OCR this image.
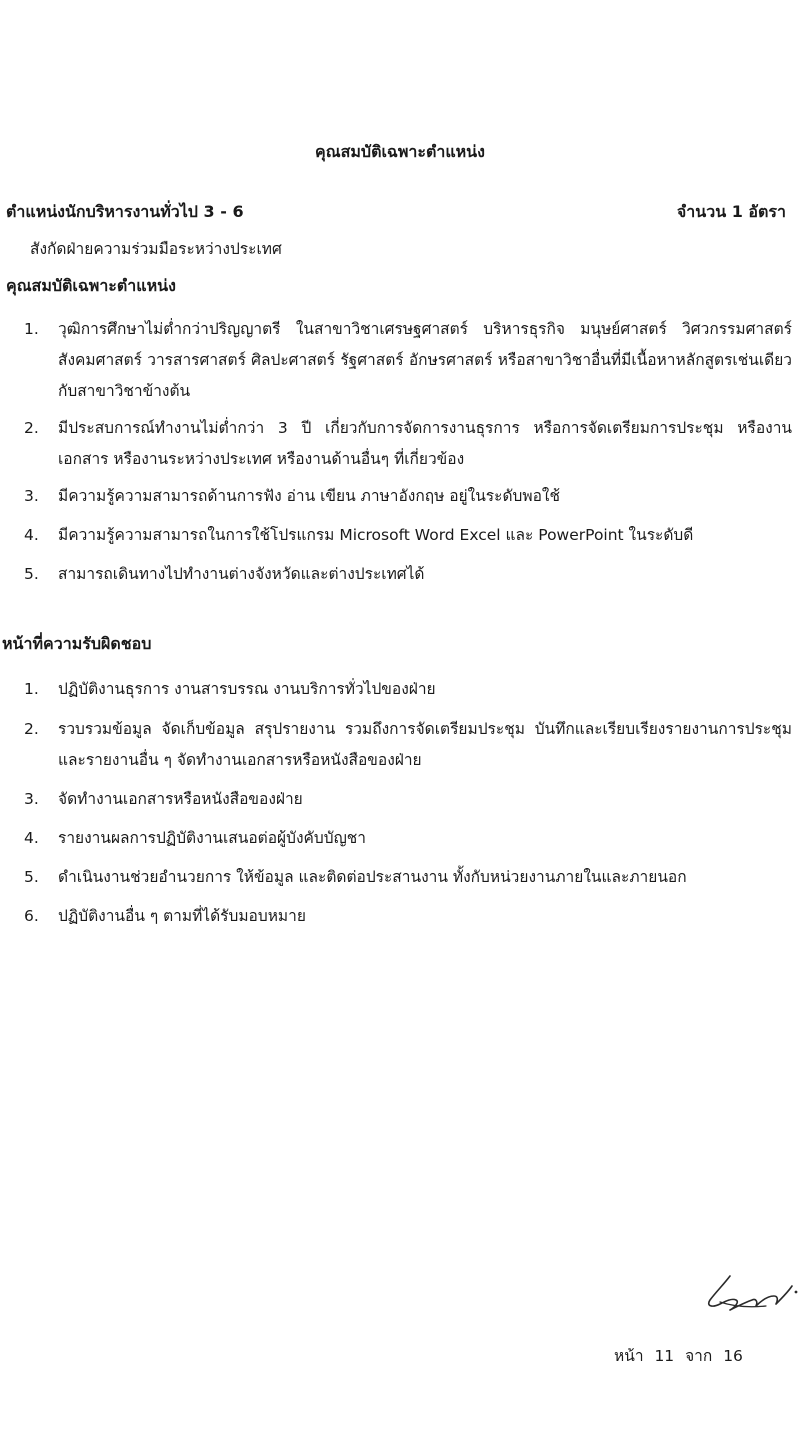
คุณสมบัติเฉพาะตำแหน่ง
ตำแหน่งนักบริหารงานทั่วไป 3 - 6	จำนวน 1 อัตรา
สังกัดฝ่ายความร่วมมือระหว่างประเทศ
คุณสมบัติเฉพาะตำแหน่ง
1.	วุฒิการศึกษาไม่ต่ำกว่าปริญญาตรี ในสาขาวิชาเศรษฐศาสตร์ บริหารธุรกิจ มนุษย์ศาสตร์ วิศวกรรมศาสตร์ สังคมศาสตร์ วารสารศาสตร์ ศิลปะศาสตร์ รัฐศาสตร์ อักษรศาสตร์ หรือสาขาวิชาอื่นที่มีเนื้อหาหลักสูตรเช่นเดียวกับสาขาวิชาข้างต้น
2.	มีประสบการณ์ทำงานไม่ต่ำกว่า 3 ปี เกี่ยวกับการจัดการงานธุรการ หรือการจัดเตรียมการประชุม หรืองานเอกสาร หรืองานระหว่างประเทศ หรืองานด้านอื่นๆ ที่เกี่ยวข้อง
3.	มีความรู้ความสามารถด้านการฟัง อ่าน เขียน ภาษาอังกฤษ อยู่ในระดับพอใช้
4.	มีความรู้ความสามารถในการใช้โปรแกรม Microsoft Word Excel และ PowerPoint ในระดับดี
5.	สามารถเดินทางไปทำงานต่างจังหวัดและต่างประเทศได้
หน้าที่ความรับผิดชอบ
1.	ปฏิบัติงานธุรการ งานสารบรรณ งานบริการทั่วไปของฝ่าย
2.	รวบรวมข้อมูล จัดเก็บข้อมูล สรุปรายงาน รวมถึงการจัดเตรียมประชุม บันทึกและเรียบเรียงรายงานการประชุมและรายงานอื่น ๆ จัดทำงานเอกสารหรือหนังสือของฝ่าย
3.	จัดทำงานเอกสารหรือหนังสือของฝ่าย
4.	รายงานผลการปฏิบัติงานเสนอต่อผู้บังคับบัญชา
5.	ดำเนินงานช่วยอำนวยการ ให้ข้อมูล และติดต่อประสานงาน ทั้งกับหน่วยงานภายในและภายนอก
6.	ปฏิบัติงานอื่น ๆ ตามที่ได้รับมอบหมาย
หน้า 11 จาก 16
